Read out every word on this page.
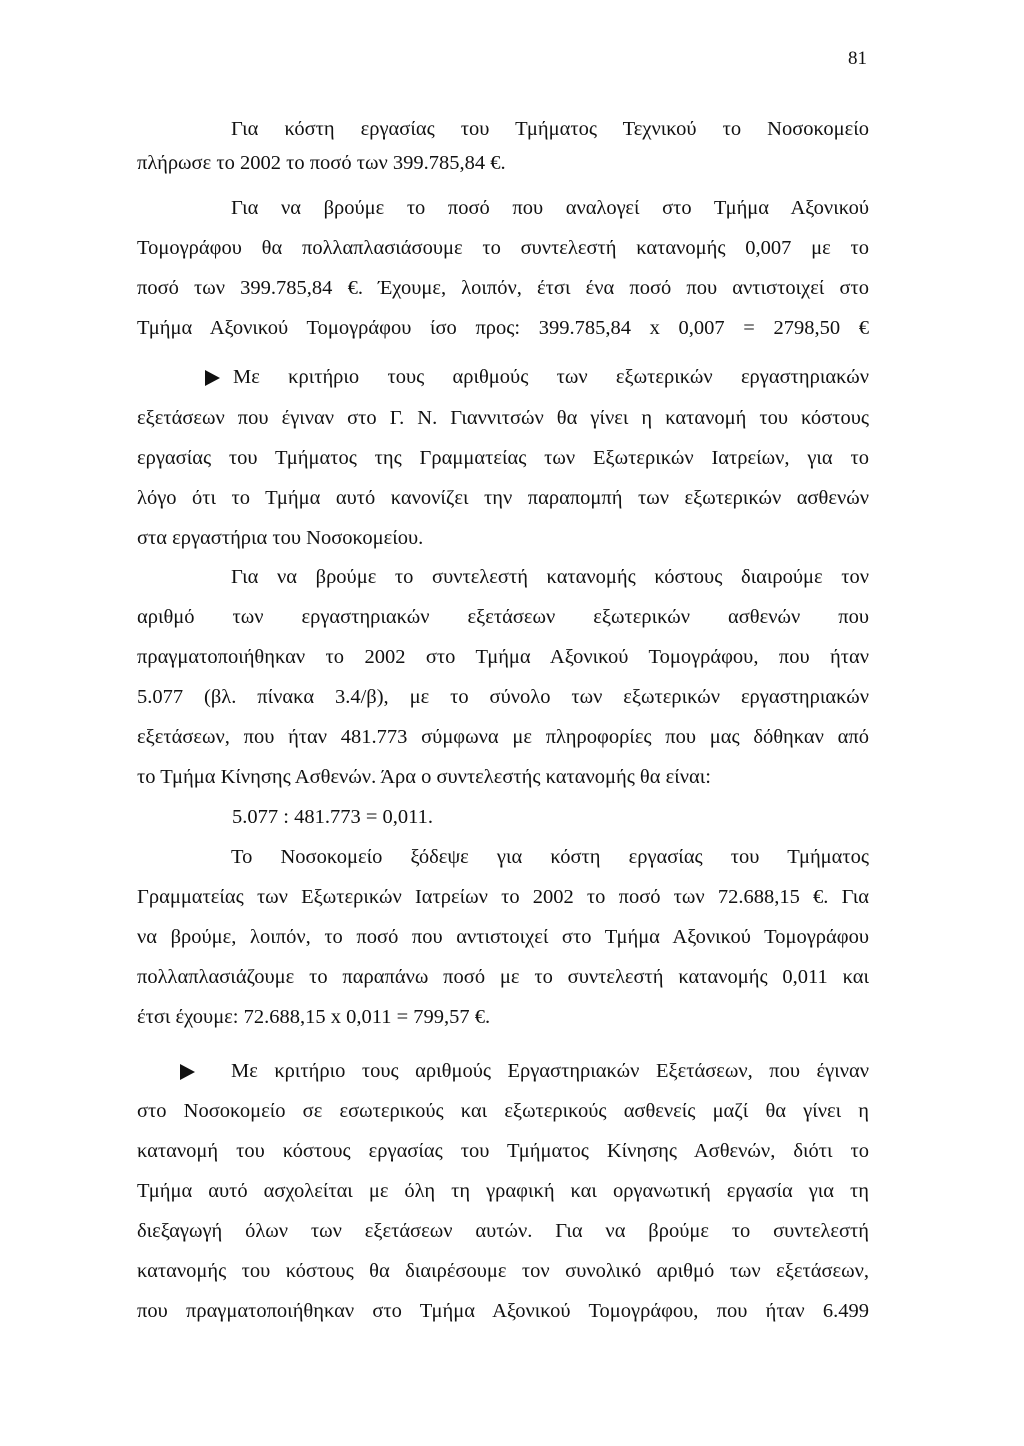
81
Για κόστη εργασίας του Τμήματος Τεχνικού το Νοσοκομείο
πλήρωσε το 2002 το ποσό των 399.785,84 €.
Για να βρούμε το ποσό που αναλογεί στο Τμήμα Αξονικού
Τομογράφου θα πολλαπλασιάσουμε το συντελεστή κατανομής 0,007 με το
ποσό των 399.785,84 €. Έχουμε, λοιπόν, έτσι ένα ποσό που αντιστοιχεί στο
Τμήμα Αξονικού Τομογράφου ίσο προς: 399.785,84 x 0,007 = 2798,50 €
Με κριτήριο τους αριθμούς των εξωτερικών εργαστηριακών
εξετάσεων που έγιναν στο Γ. Ν. Γιαννιτσών θα γίνει η κατανομή του κόστους
εργασίας του Τμήματος της Γραμματείας των Εξωτερικών Ιατρείων, για το
λόγο ότι το Τμήμα αυτό κανονίζει την παραπομπή των εξωτερικών ασθενών
στα εργαστήρια του Νοσοκομείου.
Για να βρούμε το συντελεστή κατανομής κόστους διαιρούμε τον
αριθμό των εργαστηριακών εξετάσεων εξωτερικών ασθενών που
πραγματοποιήθηκαν το 2002 στο Τμήμα Αξονικού Τομογράφου, που ήταν
5.077 (βλ. πίνακα 3.4/β), με το σύνολο των εξωτερικών εργαστηριακών
εξετάσεων, που ήταν 481.773 σύμφωνα με πληροφορίες που μας δόθηκαν από
το Τμήμα Κίνησης Ασθενών. Άρα ο συντελεστής κατανομής θα είναι:
5.077 : 481.773 = 0,011.
Το Νοσοκομείο ξόδεψε για κόστη εργασίας του Τμήματος
Γραμματείας των Εξωτερικών Ιατρείων το 2002 το ποσό των 72.688,15 €. Για
να βρούμε, λοιπόν, το ποσό που αντιστοιχεί στο Τμήμα Αξονικού Τομογράφου
πολλαπλασιάζουμε το παραπάνω ποσό με το συντελεστή κατανομής 0,011 και
έτσι έχουμε: 72.688,15 x 0,011 = 799,57 €.
Με κριτήριο τους αριθμούς Εργαστηριακών Εξετάσεων, που έγιναν
στο Νοσοκομείο σε εσωτερικούς και εξωτερικούς ασθενείς μαζί θα γίνει η
κατανομή του κόστους εργασίας του Τμήματος Κίνησης Ασθενών, διότι το
Τμήμα αυτό ασχολείται με όλη τη γραφική και οργανωτική εργασία για τη
διεξαγωγή όλων των εξετάσεων αυτών. Για να βρούμε το συντελεστή
κατανομής του κόστους θα διαιρέσουμε τον συνολικό αριθμό των εξετάσεων,
που πραγματοποιήθηκαν στο Τμήμα Αξονικού Τομογράφου, που ήταν 6.499
